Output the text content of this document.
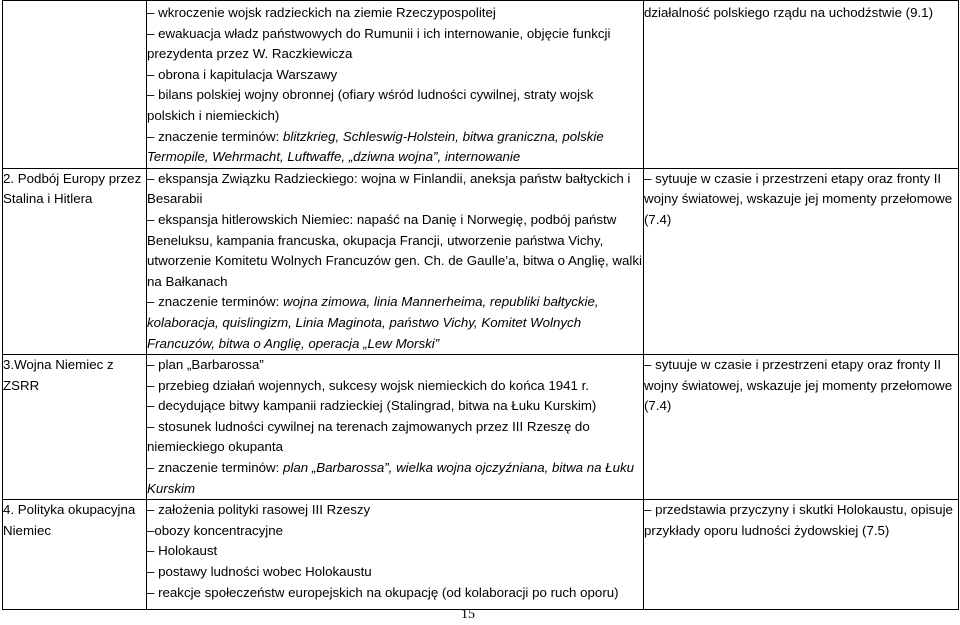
	– wkroczenie wojsk radzieckich na ziemie Rzeczypospolitej
– ewakuacja władz państwowych do Rumunii i ich internowanie, objęcie funkcji prezydenta przez W. Raczkiewicza
– obrona i kapitulacja Warszawy
– bilans polskiej wojny obronnej (ofiary wśród ludności cywilnej, straty wojsk polskich i niemieckich)
– znaczenie terminów: blitzkrieg, Schleswig-Holstein, bitwa graniczna, polskie Termopile, Wehrmacht, Luftwaffe, „dziwna wojna”, internowanie	działalność polskiego rządu na uchodźstwie (9.1)
2. Podbój Europy przez Stalina i Hitlera	– ekspansja Związku Radzieckiego: wojna w Finlandii, aneksja państw bałtyckich i Besarabii
– ekspansja hitlerowskich Niemiec: napaść na Danię i Norwegię, podbój państw Beneluksu, kampania francuska, okupacja Francji, utworzenie państwa Vichy, utworzenie Komitetu Wolnych Francuzów gen. Ch. de Gaulle’a, bitwa o Anglię, walki na Bałkanach
– znaczenie terminów: wojna zimowa, linia Mannerheima, republiki bałtyckie, kolaboracja, quislingizm, Linia Maginota, państwo Vichy, Komitet Wolnych Francuzów, bitwa o Anglię, operacja „Lew Morski”	– sytuuje w czasie i przestrzeni etapy oraz fronty II wojny światowej, wskazuje jej momenty przełomowe (7.4)
3.Wojna Niemiec z ZSRR	– plan „Barbarossa”
– przebieg działań wojennych, sukcesy wojsk niemieckich do końca 1941 r.
– decydujące bitwy kampanii radzieckiej (Stalingrad, bitwa na Łuku Kurskim)
– stosunek ludności cywilnej na terenach zajmowanych przez III Rzeszę do niemieckiego okupanta
– znaczenie terminów: plan „Barbarossa”, wielka wojna ojczyźniana, bitwa na Łuku Kurskim	– sytuuje w czasie i przestrzeni etapy oraz fronty II wojny światowej, wskazuje jej momenty przełomowe (7.4)
4. Polityka okupacyjna Niemiec	– założenia polityki rasowej III Rzeszy
–obozy koncentracyjne
– Holokaust
– postawy ludności wobec Holokaustu
– reakcje społeczeństw europejskich na okupację (od kolaboracji po ruch oporu)	– przedstawia przyczyny i skutki Holokaustu, opisuje przykłady oporu ludności żydowskiej (7.5)
15
